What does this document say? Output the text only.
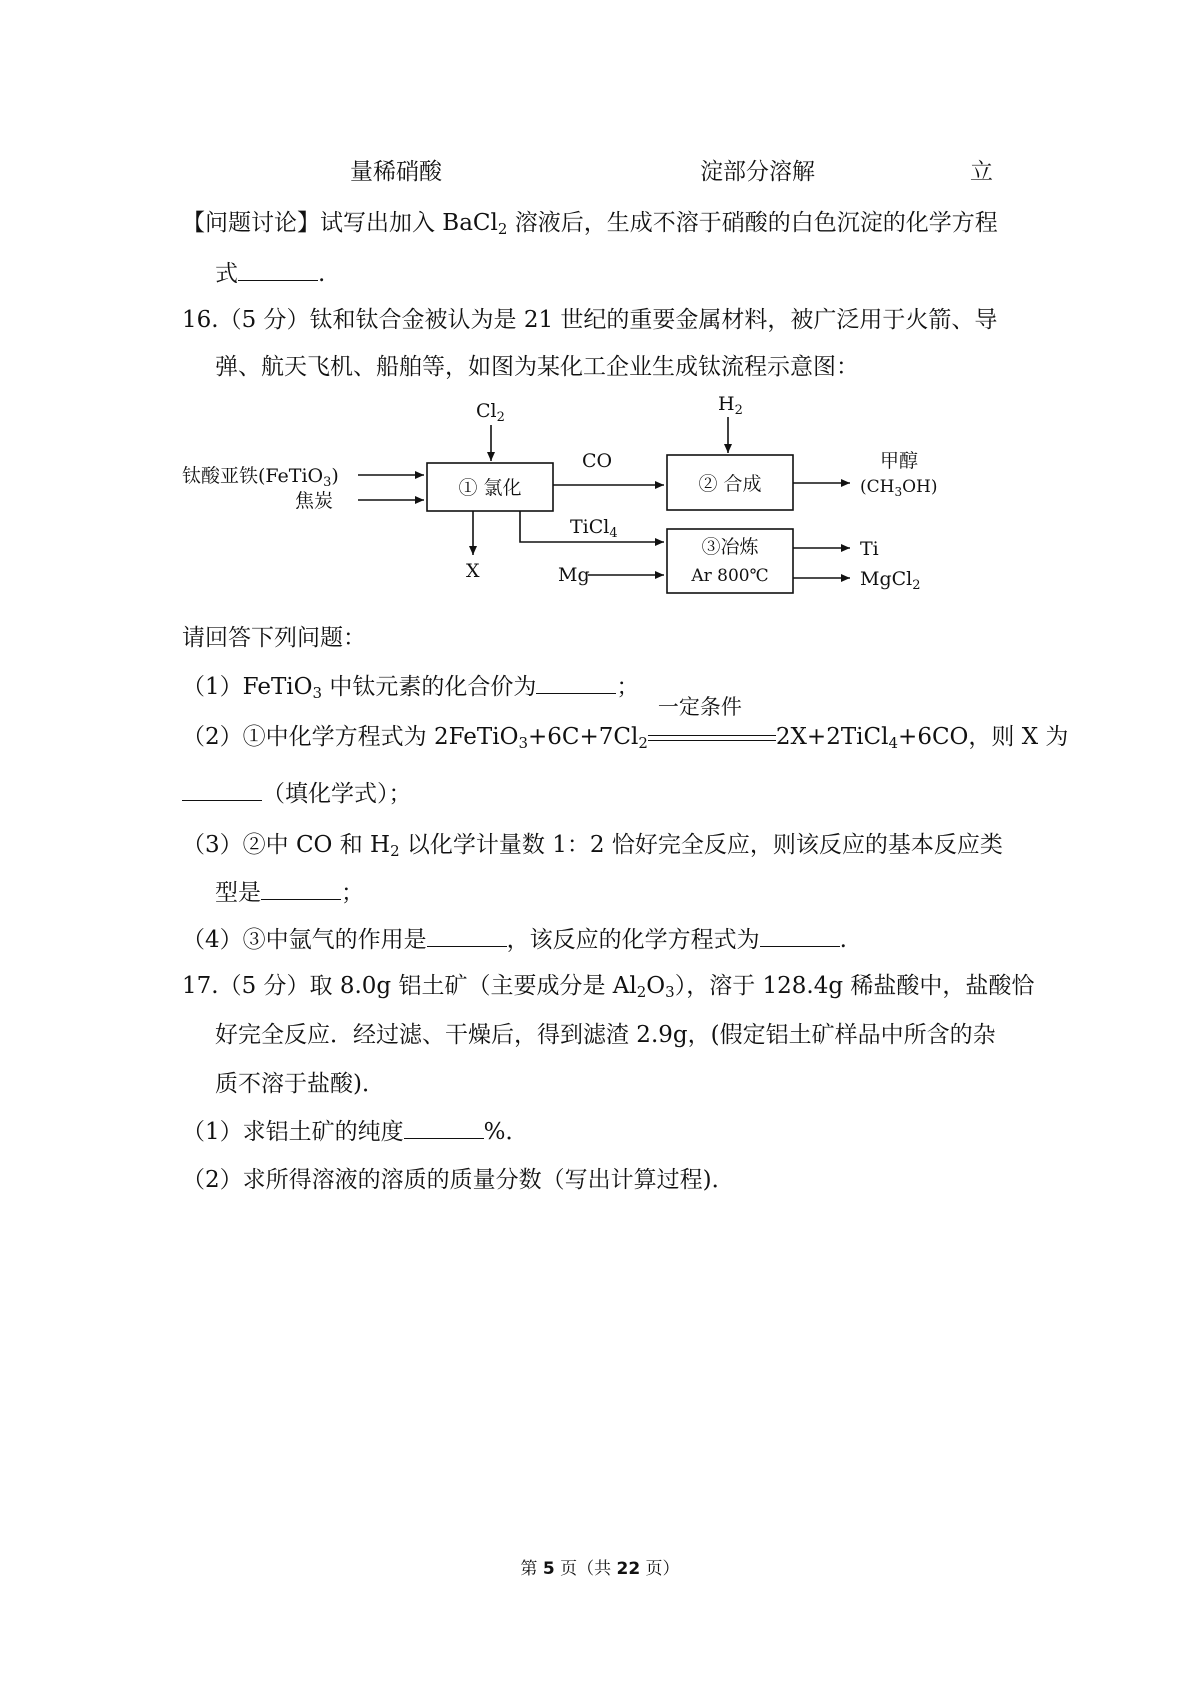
量稀硝酸	淀部分溶解	立
【问题讨论】试写出加入 BaCl$_2$ 溶液后，生成不溶于硝酸的白色沉淀的化学方程
式	.
16.（5 分）钛和钛合金被认为是 21 世纪的重要金属材料，被广泛用于火箭、导
弹、航天飞机、船舶等，如图为某化工企业生成钛流程示意图：
$Cl_2$
$H_2$
钛酸亚铁(FeTiO$_3$)
焦炭
① 氯化
CO
② 合成
甲醇
$(CH_3OH)$
X
TiCl$_4$
Mg
③冶炼
Ar 800℃
Ti
MgCl$_2$
请回答下列问题：
（1）FeTiO$_3$ 中钛元素的化合价为	；
（2）①中化学方程式为 $2FeTiO_3+6C+7Cl_2$
一定条件
2X+2TiCl$_4$+6CO，则 X 为
（填化学式）；
（3）②中 CO 和 $H_2$ 以化学计量数 1：2 恰好完全反应，则该反应的基本反应类
型是	；
（4）③中氩气的作用是	，该反应的化学方程式为	.
17.（5 分）取 8.0g 铝土矿（主要成分是 $Al_2O_3$），溶于 128.4g 稀盐酸中，盐酸恰
好完全反应．经过滤、干燥后，得到滤渣 2.9g，(假定铝土矿样品中所含的杂
质不溶于盐酸)．
（1）求铝土矿的纯度	%．
（2）求所得溶液的溶质的质量分数（写出计算过程)．
第 5 页（共 22 页）
